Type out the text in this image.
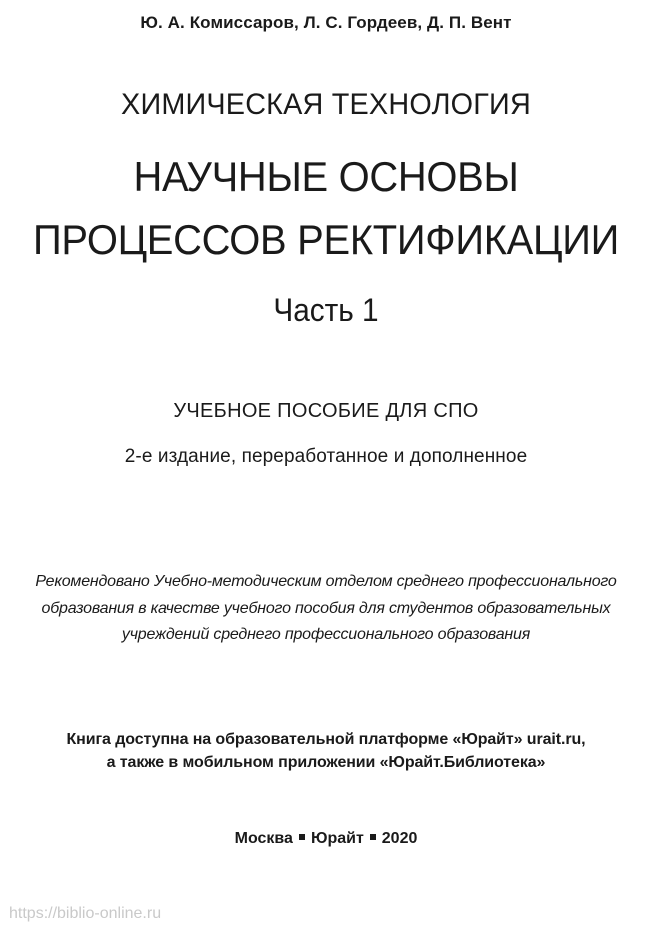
Ю. А. Комиссаров, Л. С. Гордеев, Д. П. Вент
ХИМИЧЕСКАЯ ТЕХНОЛОГИЯ
НАУЧНЫЕ ОСНОВЫ
ПРОЦЕССОВ РЕКТИФИКАЦИИ
Часть 1
УЧЕБНОЕ ПОСОБИЕ ДЛЯ СПО
2-е издание, переработанное и дополненное
Рекомендовано Учебно-методическим отделом среднего профессионального
образования в качестве учебного пособия для студентов образовательных
учреждений среднего профессионального образования
Книга доступна на образовательной платформе «Юрайт» urait.ru,
а также в мобильном приложении «Юрайт.Библиотека»
Москва Юрайт 2020
https://biblio-online.ru
